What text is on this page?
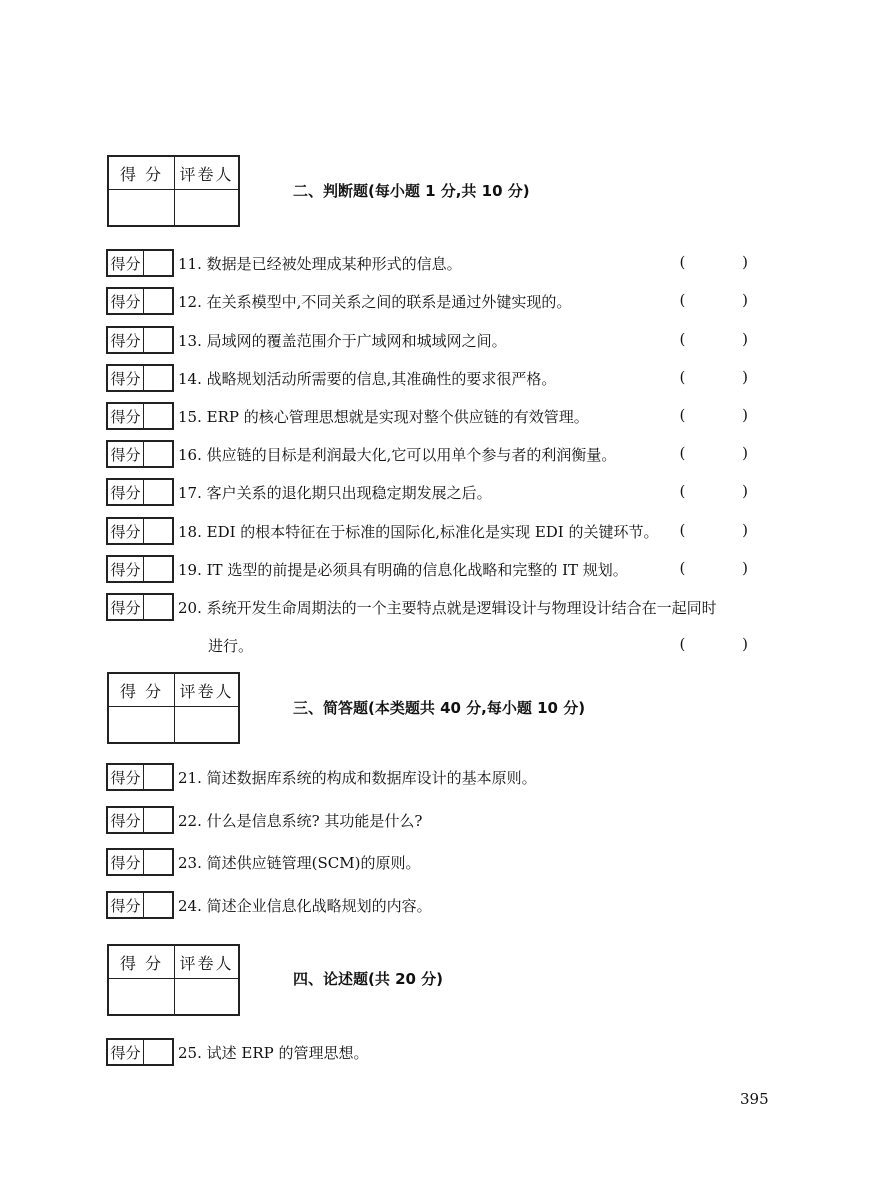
得 分	评卷人
二、判断题(每小题 1 分,共 10 分)
得分	11. 数据是已经被处理成某种形式的信息。	( )
得分	12. 在关系模型中,不同关系之间的联系是通过外键实现的。	( )
得分	13. 局域网的覆盖范围介于广域网和城域网之间。	( )
得分	14. 战略规划活动所需要的信息,其准确性的要求很严格。	( )
得分	15. ERP 的核心管理思想就是实现对整个供应链的有效管理。	( )
得分	16. 供应链的目标是利润最大化,它可以用单个参与者的利润衡量。	( )
得分	17. 客户关系的退化期只出现稳定期发展之后。	( )
得分	18. EDI 的根本特征在于标准的国际化,标准化是实现 EDI 的关键环节。 ( )
得分	19. IT 选型的前提是必须具有明确的信息化战略和完整的 IT 规划。	( )
得分	20. 系统开发生命周期法的一个主要特点就是逻辑设计与物理设计结合在一起同时
进行。	( )
得 分	评卷人
三、简答题(本类题共 40 分,每小题 10 分)
得分	21. 简述数据库系统的构成和数据库设计的基本原则。
得分	22. 什么是信息系统? 其功能是什么?
得分	23. 简述供应链管理(SCM)的原则。
得分	24. 简述企业信息化战略规划的内容。
得 分	评卷人
四、论述题(共 20 分)
得分	25. 试述 ERP 的管理思想。
395
